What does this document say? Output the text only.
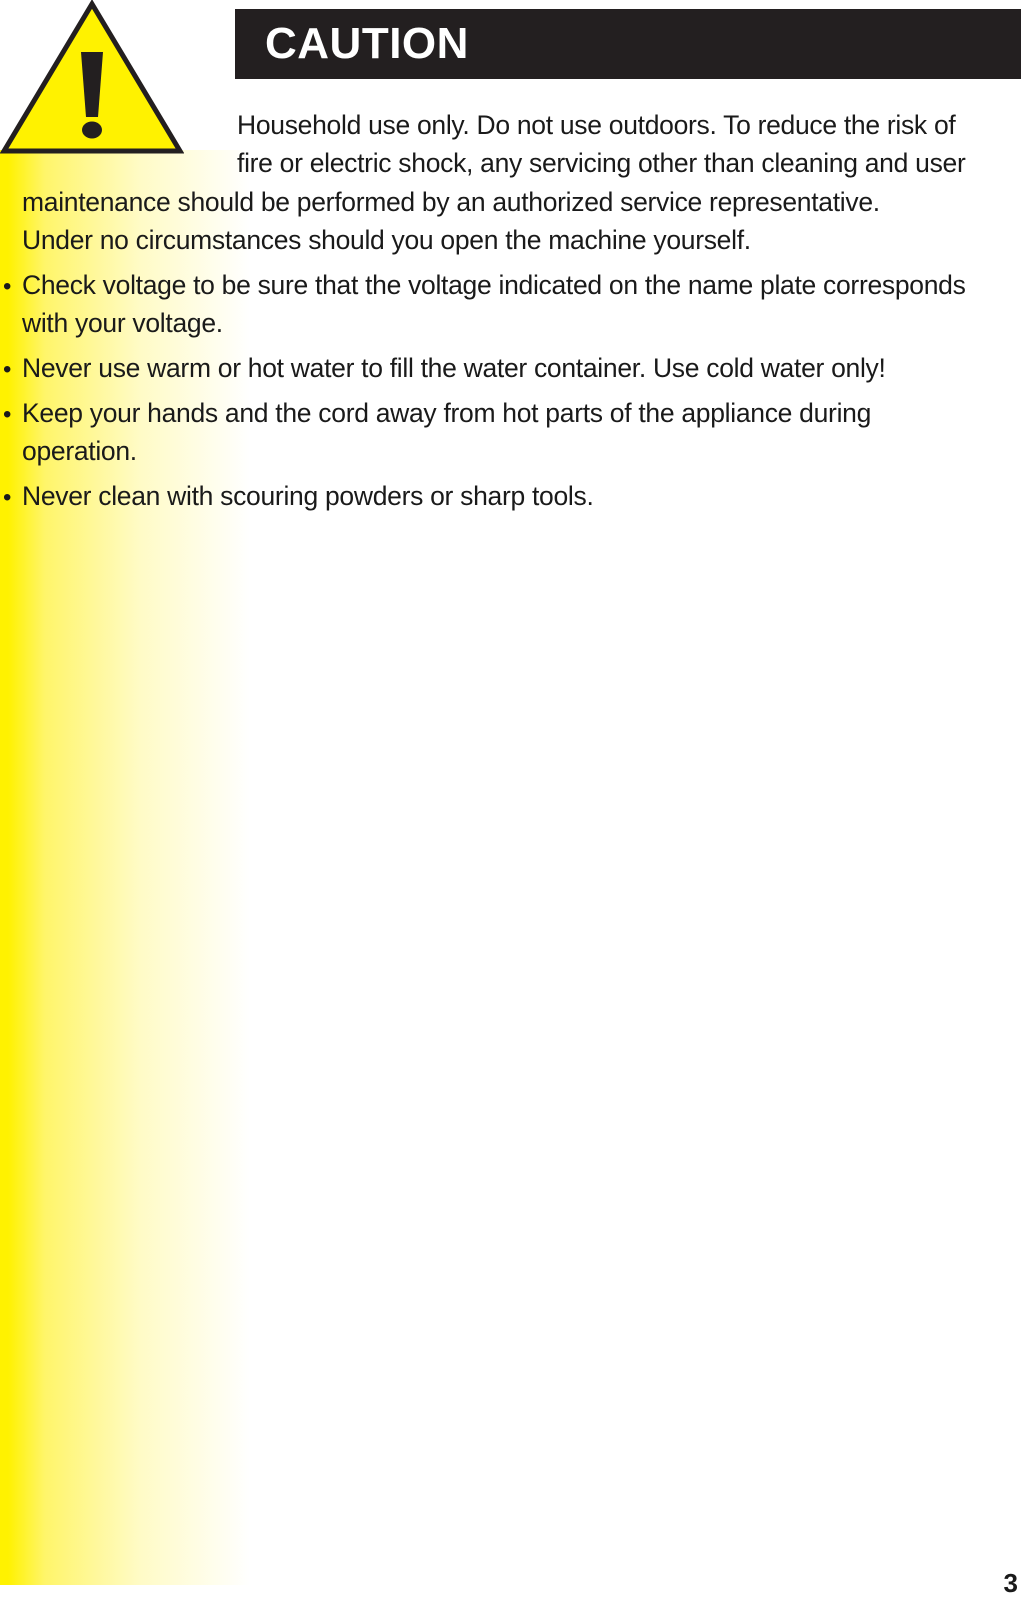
CAUTION
Household use only. Do not use outdoors. To reduce the risk of
fire or electric shock, any servicing other than cleaning and user
maintenance should be performed by an authorized service representative.
Under no circumstances should you open the machine yourself.
• Check voltage to be sure that the voltage indicated on the name plate corresponds
with your voltage.
• Never use warm or hot water to fill the water container. Use cold water only!
• Keep your hands and the cord away from hot parts of the appliance during
operation.
• Never clean with scouring powders or sharp tools.
3
